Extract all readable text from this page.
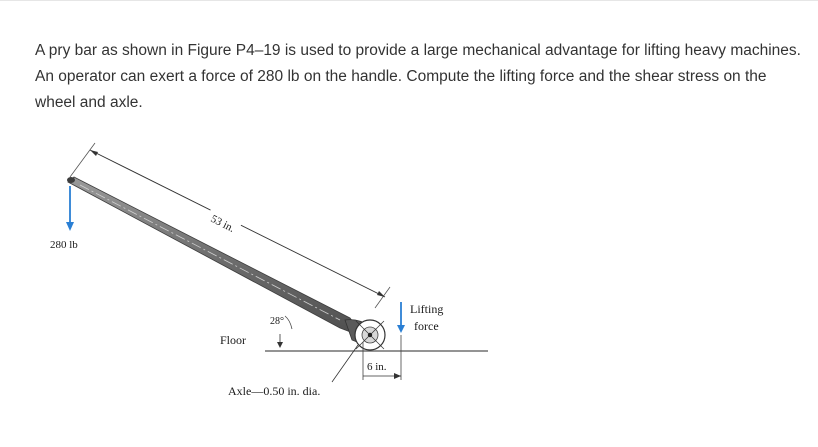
A pry bar as shown in Figure P4–19 is used to provide a large mechanical advantage for lifting heavy machines. An operator can exert a force of 280 lb on the handle. Compute the lifting force and the shear stress on the wheel and axle.

53 in.
280 lb
Lifting
force
28°
Floor
6 in.
Axle—0.50 in. dia.
